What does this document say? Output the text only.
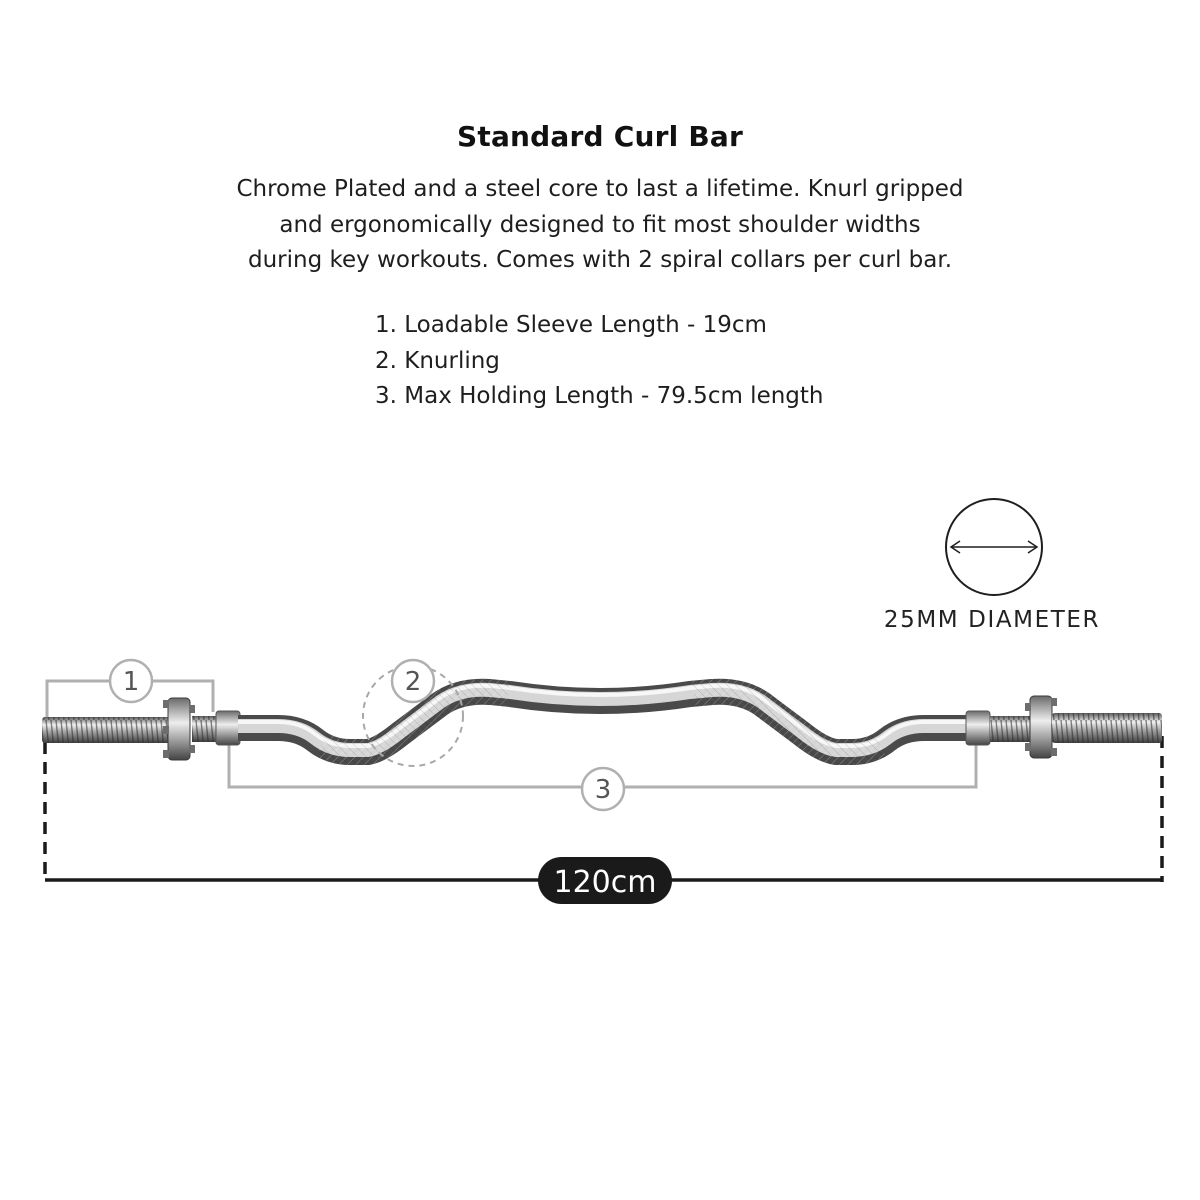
Standard Curl Bar

Chrome Plated and a steel core to last a lifetime. Knurl gripped
and ergonomically designed to fit most shoulder widths
during key workouts. Comes with 2 spiral collars per curl bar.

1. Loadable Sleeve Length - 19cm
2. Knurling
3. Max Holding Length - 79.5cm length
1	2
3
120cm
25MM DIAMETER
